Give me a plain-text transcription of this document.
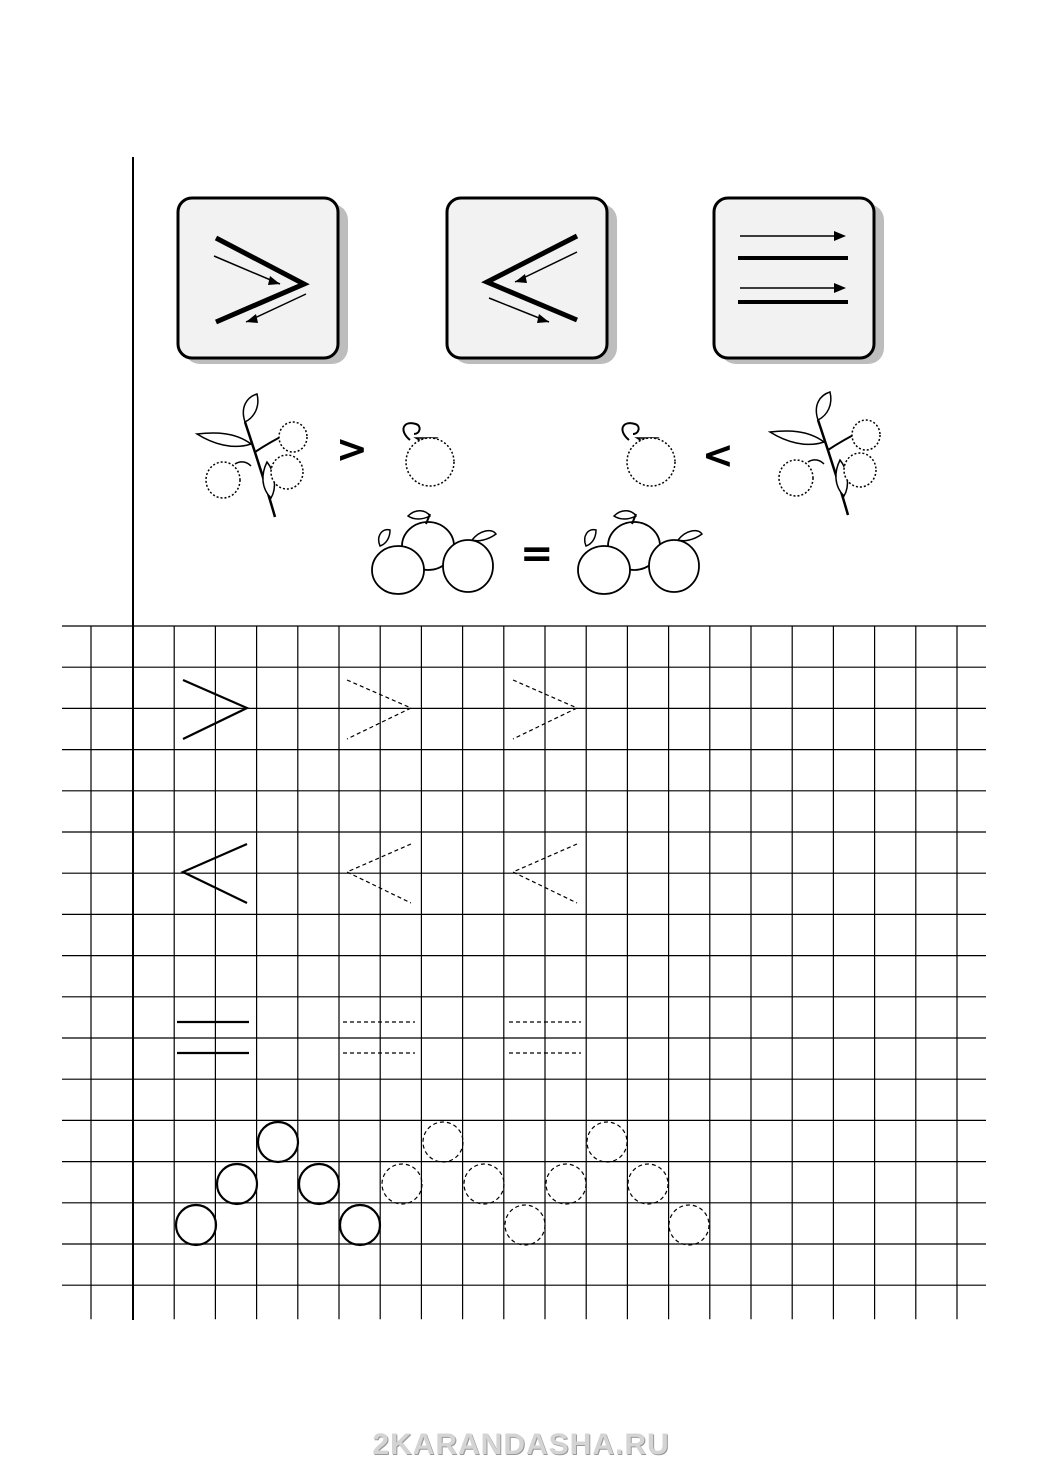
>	<
=
2KARANDASHA.RU
